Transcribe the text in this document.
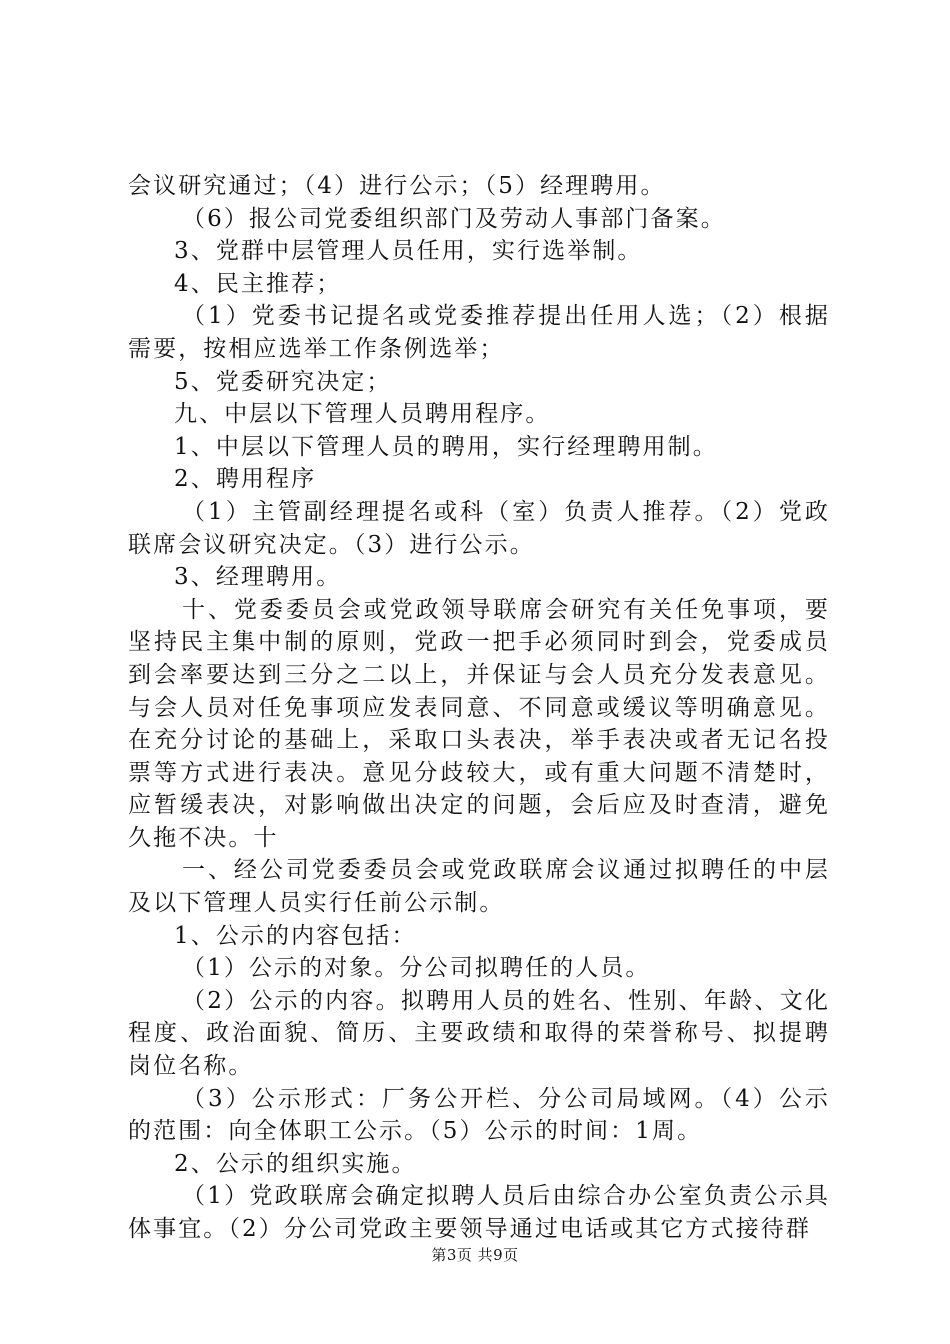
会议研究通过；（4）进行公示；（5）经理聘用。

（6）报公司党委组织部门及劳动人事部门备案。

3、党群中层管理人员任用，实行选举制。

4、民主推荐；

（1）党委书记提名或党委推荐提出任用人选；（2）根据需要，按相应选举工作条例选举；

5、党委研究决定；

九、中层以下管理人员聘用程序。

1、中层以下管理人员的聘用，实行经理聘用制。

2、聘用程序

（1）主管副经理提名或科（室）负责人推荐。（2）党政联席会议研究决定。（3）进行公示。

3、经理聘用。

十、党委委员会或党政领导联席会研究有关任免事项，要坚持民主集中制的原则，党政一把手必须同时到会，党委成员到会率要达到三分之二以上，并保证与会人员充分发表意见。与会人员对任免事项应发表同意、不同意或缓议等明确意见。在充分讨论的基础上，采取口头表决，举手表决或者无记名投票等方式进行表决。意见分歧较大，或有重大问题不清楚时，应暂缓表决，对影响做出决定的问题，会后应及时查清，避免久拖不决。十

一、经公司党委委员会或党政联席会议通过拟聘任的中层及以下管理人员实行任前公示制。

1、公示的内容包括：

（1）公示的对象。分公司拟聘任的人员。

（2）公示的内容。拟聘用人员的姓名、性别、年龄、文化程度、政治面貌、简历、主要政绩和取得的荣誉称号、拟提聘岗位名称。

（3）公示形式：厂务公开栏、分公司局域网。（4）公示的范围：向全体职工公示。（5）公示的时间：1周。

2、公示的组织实施。

（1）党政联席会确定拟聘人员后由综合办公室负责公示具体事宜。（2）分公司党政主要领导通过电话或其它方式接待群

第3页 共9页
